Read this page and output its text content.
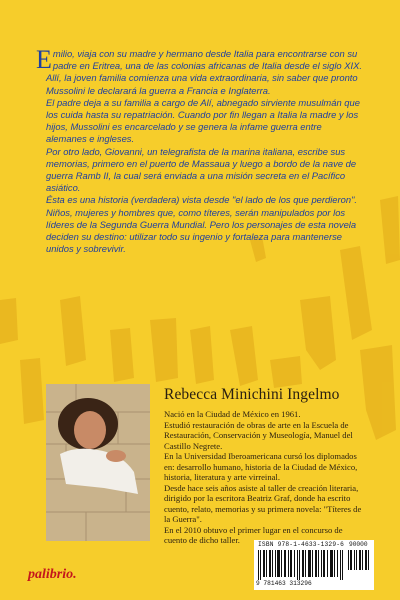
E milio, viaja con su madre y hermano desde Italia para encontrarse con su padre en Eritrea, una de las colonias africanas de Italia desde el siglo XIX. Allí, la joven familia comienza una vida extraordinaria, sin saber que pronto Mussolini le declarará la guerra a Francia e Inglaterra.

El padre deja a su familia a cargo de Alí, abnegado sirviente musulmán que los cuida hasta su repatriación. Cuando por fin llegan a Italia la madre y los hijos, Mussolini es encarcelado y se genera la infame guerra entre alemanes e ingleses.

Por otro lado, Giovanni, un telegrafista de la marina italiana, escribe sus memorias, primero en el puerto de Massaua y luego a bordo de la nave de guerra Ramb II, la cual será enviada a una misión secreta en el Pacífico asiático.

Ésta es una historia (verdadera) vista desde "el lado de los que perdieron". Niños, mujeres y hombres que, como títeres, serán manipulados por los líderes de la Segunda Guerra Mundial. Pero los personajes de esta novela deciden su destino: utilizar todo su ingenio y fortaleza para mantenerse unidos y sobrevivir.

Rebecca Minichini Ingelmo

Nació en la Ciudad de México en 1961.

Estudió restauración de obras de arte en la Escuela de Restauración, Conservación y Museología, Manuel del Castillo Negrete.

En la Universidad Iberoamericana cursó los diplomados en: desarrollo humano, historia de la Ciudad de México, historia, literatura y arte virreinal.

Desde hace seis años asiste al taller de creación literaria, dirigido por la escritora Beatriz Graf, donde ha escrito cuento, relato, memorias y su primera novela: "Títeres de la Guerra".

En el 2010 obtuvo el primer lugar en el concurso de cuento de dicho taller.

palibrio.
ISBN 978-1-4633-1329-6 90000
9 781463 313296
